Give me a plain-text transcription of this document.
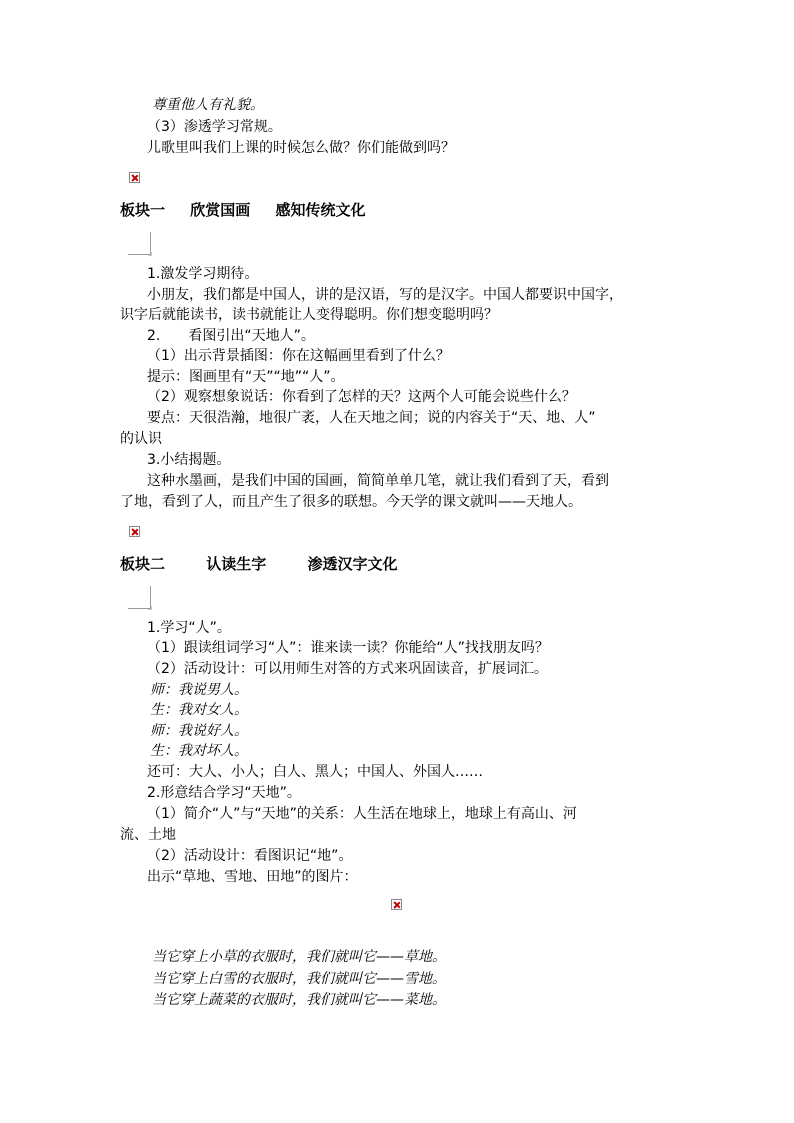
尊重他人有礼貌。
（3）渗透学习常规。
儿歌里叫我们上课的时候怎么做？你们能做到吗？
板块一 欣赏国画 感知传统文化
1.激发学习期待。
小朋友，我们都是中国人，讲的是汉语，写的是汉字。中国人都要识中国字，
识字后就能读书，读书就能让人变得聪明。你们想变聪明吗？
2.　　看图引出“天地人”。
（1）出示背景插图：你在这幅画里看到了什么？
提示：图画里有“天”“地”“人”。
（2）观察想象说话：你看到了怎样的天？这两个人可能会说些什么？
要点：天很浩瀚，地很广袤，人在天地之间；说的内容关于“天、地、人”
的认识
3.小结揭题。
这种水墨画，是我们中国的国画，简简单单几笔，就让我们看到了天，看到
了地，看到了人，而且产生了很多的联想。今天学的课文就叫——天地人。
板块二	认读生字	渗透汉字文化
1.学习“人”。
（1）跟读组词学习“人”：谁来读一读？你能给“人”找找朋友吗？
（2）活动设计：可以用师生对答的方式来巩固读音，扩展词汇。
师：我说男人。
生：我对女人。
师：我说好人。
生：我对坏人。
还可：大人、小人；白人、黑人；中国人、外国人……
2.形意结合学习“天地”。
（1）简介“人”与“天地”的关系：人生活在地球上，地球上有高山、河
流、土地
（2）活动设计：看图识记“地”。
出示“草地、雪地、田地”的图片：
当它穿上小草的衣服时，我们就叫它——草地。
当它穿上白雪的衣服时，我们就叫它——雪地。
当它穿上蔬菜的衣服时，我们就叫它——菜地。
